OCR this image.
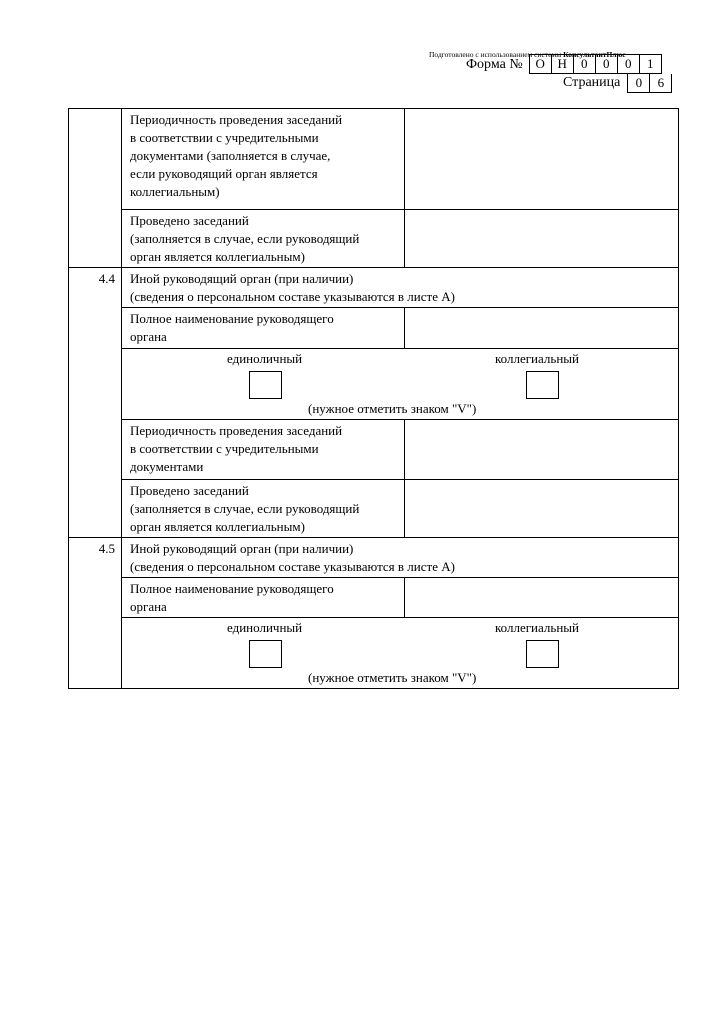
Подготовлено с использованием системы КонсультантПлюс
Форма № О Н	0	0	0	1
Страница	0	6
	Периодичность проведения заседаний
в соответствии с учредительными
документами (заполняется в случае,
если руководящий орган является
коллегиальным)	
	Проведено заседаний
(заполняется в случае, если руководящий
орган является коллегиальным)	
4.4	Иной руководящий орган (при наличии)
(сведения о персональном составе указываются в листе А)	
	Полное наименование руководящего
органа	

	единоличный коллегиальный
(нужное отметить знаком "V")	

	Периодичность проведения заседаний
в соответствии с учредительными
документами	
	Проведено заседаний
(заполняется в случае, если руководящий
орган является коллегиальным)	
4.5	Иной руководящий орган (при наличии)
(сведения о персональном составе указываются в листе А)	
	Полное наименование руководящего
органа	

	единоличный коллегиальный
(нужное отметить знаком "V")	
